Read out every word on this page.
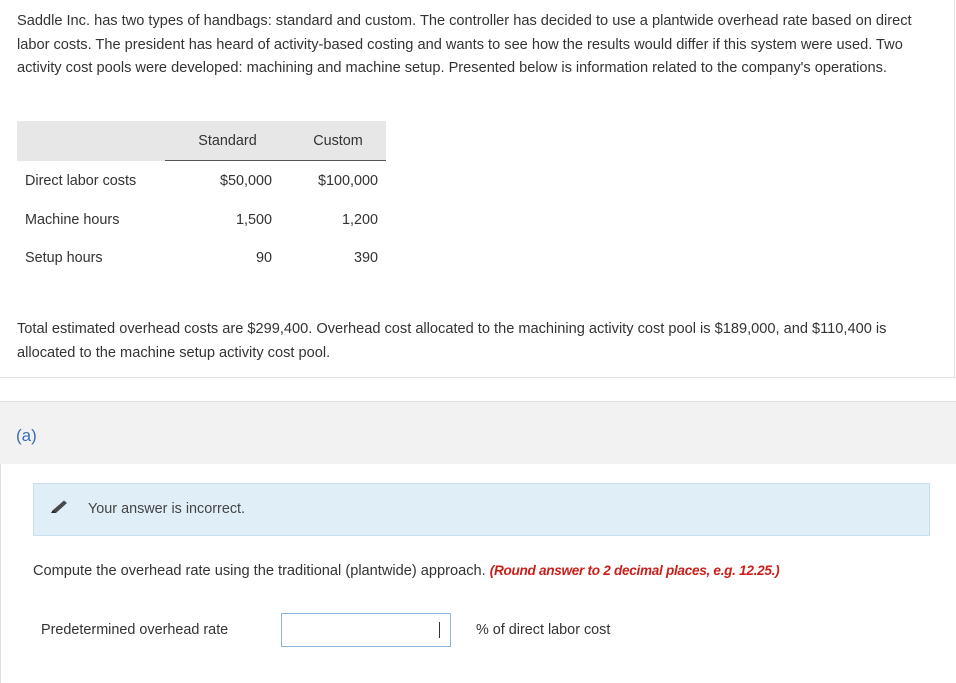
Saddle Inc. has two types of handbags: standard and custom. The controller has decided to use a plantwide overhead rate based on direct labor costs. The president has heard of activity-based costing and wants to see how the results would differ if this system were used. Two activity cost pools were developed: machining and machine setup. Presented below is information related to the company's operations.

	Standard	Custom
Direct labor costs	$50,000	$100,000
Machine hours	1,500	1,200
Setup hours	90	390

Total estimated overhead costs are $299,400. Overhead cost allocated to the machining activity cost pool is $189,000, and $110,400 is allocated to the machine setup activity cost pool.

(a)
Your answer is incorrect.
Compute the overhead rate using the traditional (plantwide) approach. (Round answer to 2 decimal places, e.g. 12.25.)
Predetermined overhead rate	% of direct labor cost
